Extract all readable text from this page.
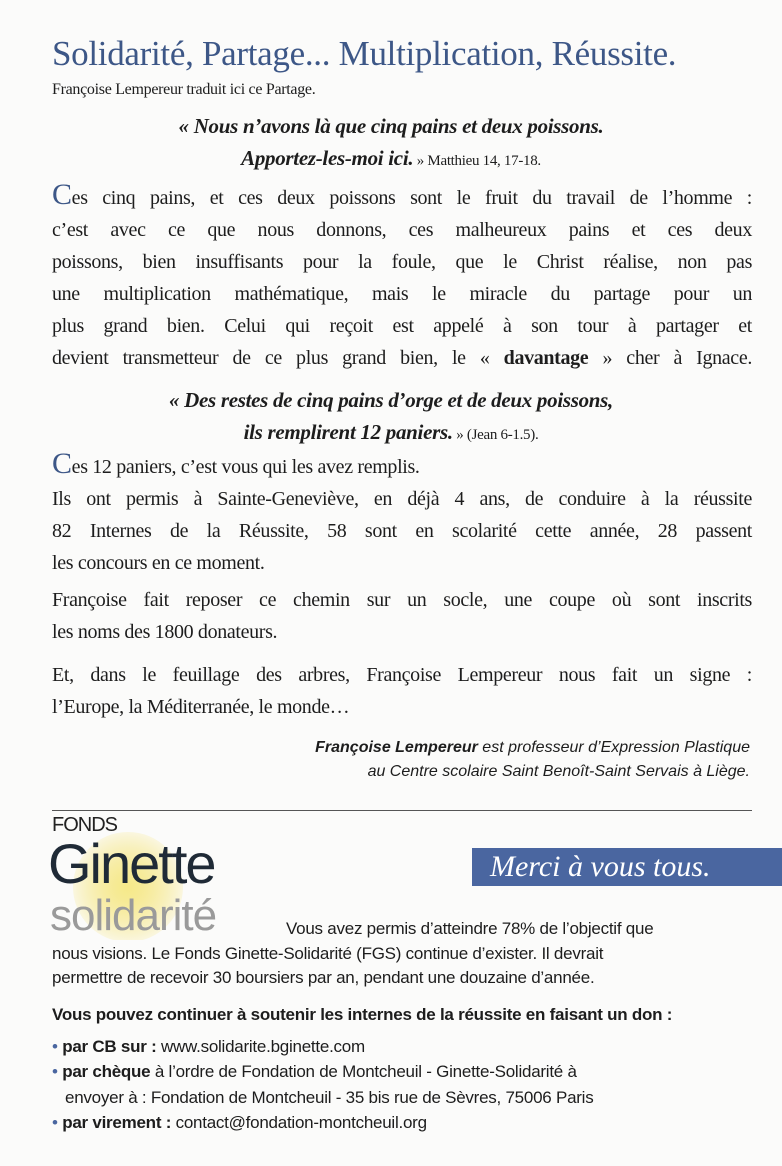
Solidarité, Partage... Multiplication, Réussite.
Françoise Lempereur traduit ici ce Partage.
« Nous n’avons là que cinq pains et deux poissons.
Apportez-les-moi ici. » Matthieu 14, 17-18.
Ces cinq pains, et ces deux poissons sont le fruit du travail de l’homme :
c’est avec ce que nous donnons, ces malheureux pains et ces deux
poissons, bien insuffisants pour la foule, que le Christ réalise, non pas
une multiplication mathématique, mais le miracle du partage pour un
plus grand bien. Celui qui reçoit est appelé à son tour à partager et
devient transmetteur de ce plus grand bien, le « davantage » cher à Ignace.
« Des restes de cinq pains d’orge et de deux poissons,
ils remplirent 12 paniers. » (Jean 6-1.5).
Ces 12 paniers, c’est vous qui les avez remplis.
Ils ont permis à Sainte-Geneviève, en déjà 4 ans, de conduire à la réussite
82 Internes de la Réussite, 58 sont en scolarité cette année, 28 passent
les concours en ce moment.
Françoise fait reposer ce chemin sur un socle, une coupe où sont inscrits
les noms des 1800 donateurs.
Et, dans le feuillage des arbres, Françoise Lempereur nous fait un signe :
l’Europe, la Méditerranée, le monde…
Françoise Lempereur est professeur d’Expression Plastique
au Centre scolaire Saint Benoît-Saint Servais à Liège.
FONDS
Ginette
solidarité
Merci à vous tous.
Vous avez permis d’atteindre 78% de l’objectif que
nous visions. Le Fonds Ginette-Solidarité (FGS) continue d’exister. Il devrait
permettre de recevoir 30 boursiers par an, pendant une douzaine d’année.
Vous pouvez continuer à soutenir les internes de la réussite en faisant un don :
• par CB sur : www.solidarite.bginette.com
• par chèque à l’ordre de Fondation de Montcheuil - Ginette-Solidarité à
envoyer à : Fondation de Montcheuil - 35 bis rue de Sèvres, 75006 Paris
• par virement : contact@fondation-montcheuil.org
